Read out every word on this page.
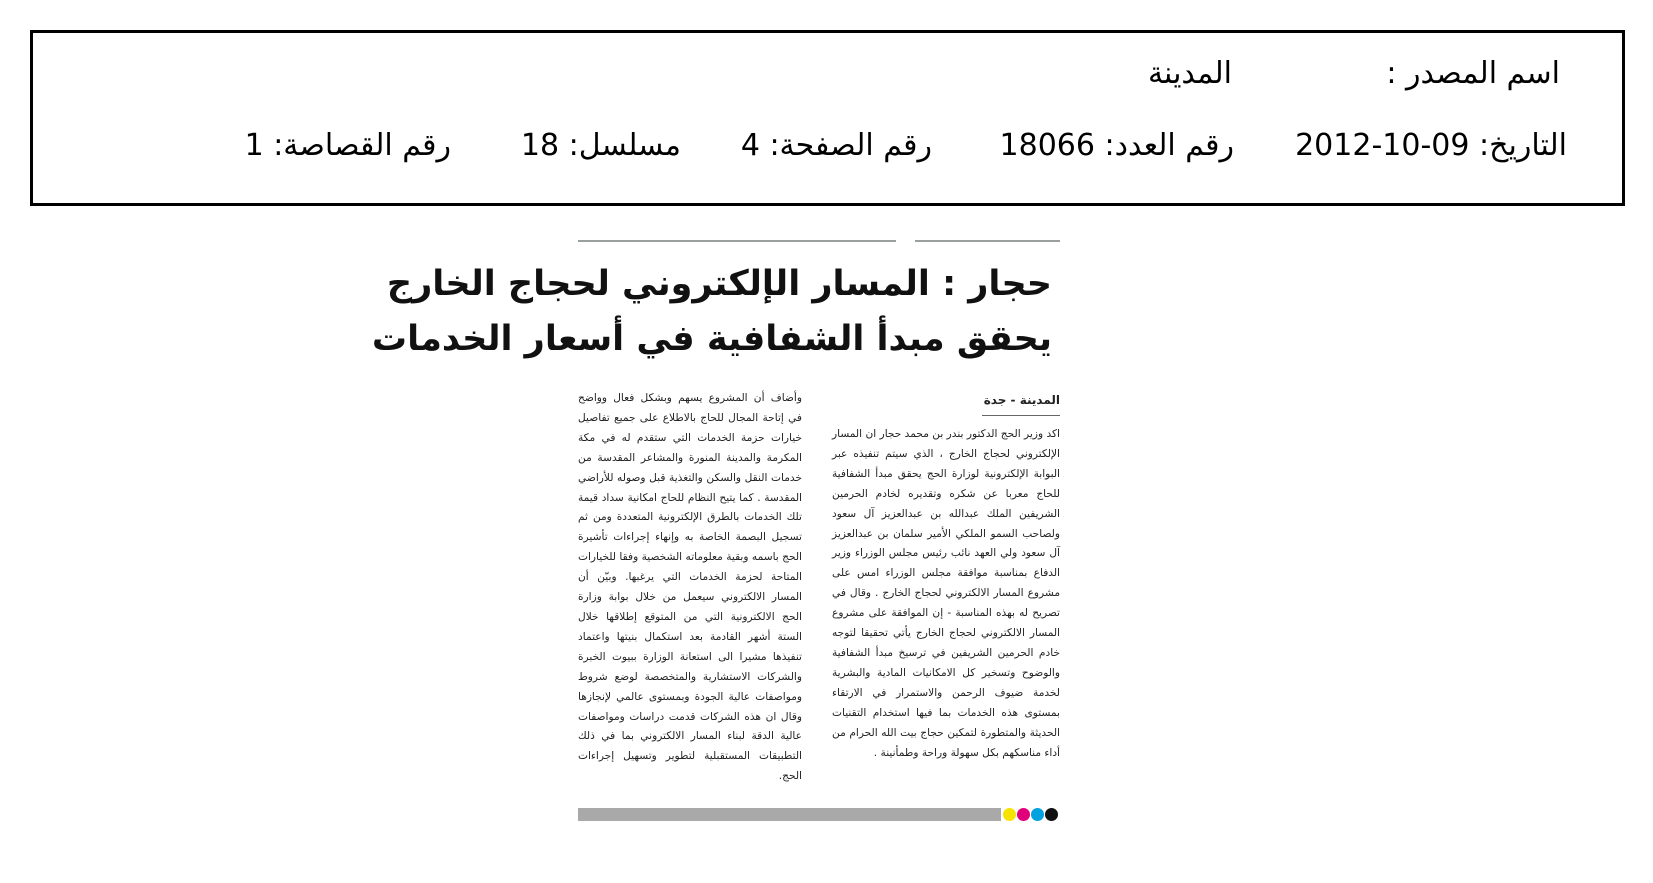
اسم المصدر :
المدينة
التاريخ: 09-10-2012
رقم العدد: 18066
رقم الصفحة: 4
مسلسل: 18
رقم القصاصة: 1
حجار : المسار الإلكتروني لحجاج الخارج
يحقق مبدأ الشفافية في أسعار الخدمات
المدينة - جدة
اكد وزير الحج الدكتور بندر بن محمد حجار ان المسار الإلكتروني لحجاج الخارج ، الذي سيتم تنفيذه عبر البوابة الإلكترونية لوزارة الحج يحقق مبدأ الشفافية للحاج معربا عن شكره وتقديره لخادم الحرمين الشريفين الملك عبدالله بن عبدالعزيز آل سعود ولصاحب السمو الملكي الأمير سلمان بن عبدالعزيز آل سعود ولي العهد نائب رئيس مجلس الوزراء وزير الدفاع بمناسبة موافقة مجلس الوزراء امس على مشروع المسار الالكتروني لحجاج الخارج . وقال في تصريح له بهذه المناسبة - إن الموافقة على مشروع المسار الالكتروني لحجاج الخارج يأتي تحقيقا لتوجه خادم الحرمين الشريفين في ترسيخ مبدأ الشفافية والوضوح وتسخير كل الامكانيات المادية والبشرية لخدمة ضيوف الرحمن والاستمرار في الارتقاء بمستوى هذه الخدمات بما فيها استخدام التقنيات الحديثة والمتطورة لتمكين حجاج بيت الله الحرام من أداء مناسكهم بكل سهولة وراحة وطمأنينة .
وأضاف أن المشروع يسهم وبشكل فعال وواضح في إتاحة المجال للحاج بالاطلاع على جميع تفاصيل خيارات حزمة الخدمات التي ستقدم له في مكة المكرمة والمدينة المنورة والمشاعر المقدسة من خدمات النقل والسكن والتغذية قبل وصوله للأراضي المقدسة . كما يتيح النظام للحاج امكانية سداد قيمة تلك الخدمات بالطرق الإلكترونية المتعددة ومن ثم تسجيل البصمة الخاصة به وإنهاء إجراءات تأشيرة الحج باسمه وبقية معلوماته الشخصية وفقا للخيارات المتاحة لحزمة الخدمات التي يرغبها. وبيّن أن المسار الالكتروني سيعمل من خلال بوابة وزارة الحج الالكترونية التي من المتوقع إطلاقها خلال الستة أشهر القادمة بعد استكمال بنيتها واعتماد تنفيذها مشيرا الى استعانة الوزارة ببيوت الخبرة والشركات الاستشارية والمتخصصة لوضع شروط ومواصفات عالية الجودة وبمستوى عالمي لإنجازها وقال ان هذه الشركات قدمت دراسات ومواصفات عالية الدقة لبناء المسار الالكتروني بما في ذلك التطبيقات المستقبلية لتطوير وتسهيل إجراءات الحج.
